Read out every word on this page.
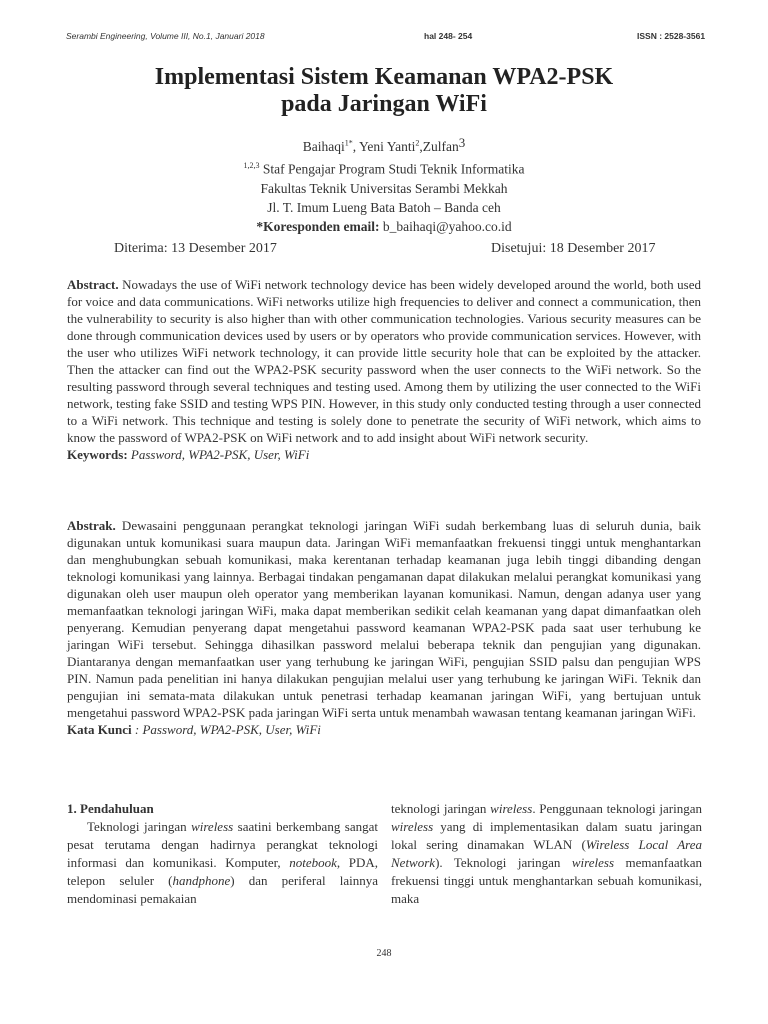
Serambi Engineering, Volume III, No.1, Januari 2018	hal 248- 254	ISSN : 2528-3561
Implementasi Sistem Keamanan WPA2-PSK
pada Jaringan WiFi
Baihaqi$^{1*}$, Yeni Yanti$^2$,Zulfan3
$^{1,2,3}$ Staf Pengajar Program Studi Teknik Informatika
Fakultas Teknik Universitas Serambi Mekkah
Jl. T. Imum Lueng Bata Batoh – Banda ceh
*Koresponden email: b_baihaqi@yahoo.co.id
Diterima: 13 Desember 2017	Disetujui: 18 Desember 2017
Abstract. Nowadays the use of WiFi network technology device has been widely developed around the world, both used for voice and data communications. WiFi networks utilize high frequencies to deliver and connect a communication, then the vulnerability to security is also higher than with other communication technologies. Various security measures can be done through communication devices used by users or by operators who provide communication services. However, with the user who utilizes WiFi network technology, it can provide little security hole that can be exploited by the attacker. Then the attacker can find out the WPA2-PSK security password when the user connects to the WiFi network. So the resulting password through several techniques and testing used. Among them by utilizing the user connected to the WiFi network, testing fake SSID and testing WPS PIN. However, in this study only conducted testing through a user connected to a WiFi network. This technique and testing is solely done to penetrate the security of WiFi network, which aims to know the password of WPA2-PSK on WiFi network and to add insight about WiFi network security.
Keywords: Password, WPA2-PSK, User, WiFi
Abstrak. Dewasaini penggunaan perangkat teknologi jaringan WiFi sudah berkembang luas di seluruh dunia, baik digunakan untuk komunikasi suara maupun data. Jaringan WiFi memanfaatkan frekuensi tinggi untuk menghantarkan dan menghubungkan sebuah komunikasi, maka kerentanan terhadap keamanan juga lebih tinggi dibanding dengan teknologi komunikasi yang lainnya. Berbagai tindakan pengamanan dapat dilakukan melalui perangkat komunikasi yang digunakan oleh user maupun oleh operator yang memberikan layanan komunikasi. Namun, dengan adanya user yang memanfaatkan teknologi jaringan WiFi, maka dapat memberikan sedikit celah keamanan yang dapat dimanfaatkan oleh penyerang. Kemudian penyerang dapat mengetahui password keamanan WPA2-PSK pada saat user terhubung ke jaringan WiFi tersebut. Sehingga dihasilkan password melalui beberapa teknik dan pengujian yang digunakan. Diantaranya dengan memanfaatkan user yang terhubung ke jaringan WiFi, pengujian SSID palsu dan pengujian WPS PIN. Namun pada penelitian ini hanya dilakukan pengujian melalui user yang terhubung ke jaringan WiFi. Teknik dan pengujian ini semata-mata dilakukan untuk penetrasi terhadap keamanan jaringan WiFi, yang bertujuan untuk mengetahui password WPA2-PSK pada jaringan WiFi serta untuk menambah wawasan tentang keamanan jaringan WiFi.
Kata Kunci : Password, WPA2-PSK, User, WiFi
1. Pendahuluan
Teknologi jaringan wireless saatini berkembang sangat pesat terutama dengan hadirnya perangkat teknologi informasi dan komunikasi. Komputer, notebook, PDA, telepon seluler (handphone) dan periferal lainnya mendominasi pemakaian
teknologi jaringan wireless. Penggunaan teknologi jaringan wireless yang di implementasikan dalam suatu jaringan lokal sering dinamakan WLAN (Wireless Local Area Network). Teknologi jaringan wireless memanfaatkan frekuensi tinggi untuk menghantarkan sebuah komunikasi, maka
248
